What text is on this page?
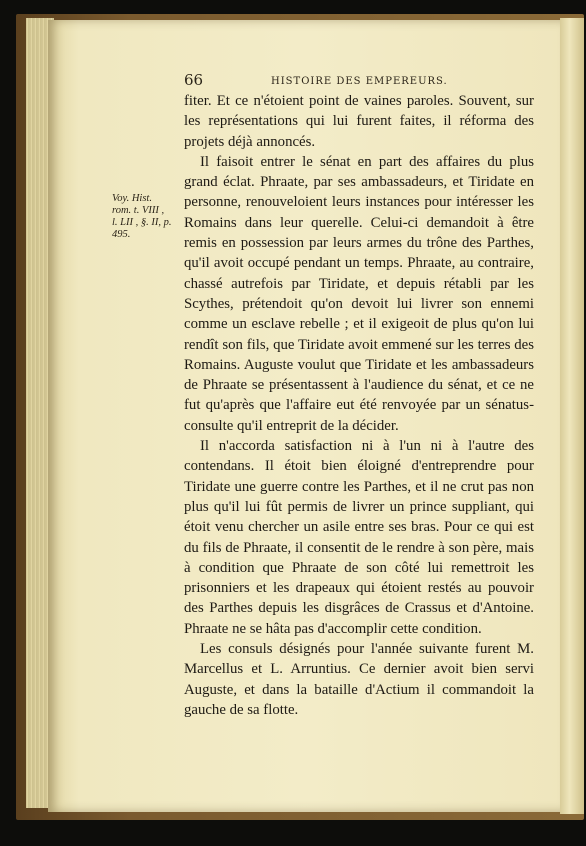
66	HISTOIRE DES EMPEREURS.
Voy. Hist.
rom. t. VIII ,
l. LII , §. II, p.
495.

fiter. Et ce n'étoient point de vaines paroles. Souvent, sur les représentations qui lui furent faites, il réforma des projets déjà annoncés.

Il faisoit entrer le sénat en part des affaires du plus grand éclat. Phraate, par ses ambassadeurs, et Tiridate en personne, renouveloient leurs instances pour intéresser les Romains dans leur querelle. Celui-ci demandoit à être remis en possession par leurs armes du trône des Parthes, qu'il avoit occupé pendant un temps. Phraate, au contraire, chassé autrefois par Tiridate, et depuis rétabli par les Scythes, prétendoit qu'on devoit lui livrer son ennemi comme un esclave rebelle ; et il exigeoit de plus qu'on lui rendît son fils, que Tiridate avoit emmené sur les terres des Romains. Auguste voulut que Tiridate et les ambassadeurs de Phraate se présentassent à l'audience du sénat, et ce ne fut qu'après que l'affaire eut été renvoyée par un sénatus-consulte qu'il entreprit de la décider.

Il n'accorda satisfaction ni à l'un ni à l'autre des contendans. Il étoit bien éloigné d'entreprendre pour Tiridate une guerre contre les Parthes, et il ne crut pas non plus qu'il lui fût permis de livrer un prince suppliant, qui étoit venu chercher un asile entre ses bras. Pour ce qui est du fils de Phraate, il consentit de le rendre à son père, mais à condition que Phraate de son côté lui remettroit les prisonniers et les drapeaux qui étoient restés au pouvoir des Parthes depuis les disgrâces de Crassus et d'Antoine. Phraate ne se hâta pas d'accomplir cette condition.

Les consuls désignés pour l'année suivante furent M. Marcellus et L. Arruntius. Ce dernier avoit bien servi Auguste, et dans la bataille d'Actium il commandoit la gauche de sa flotte.
